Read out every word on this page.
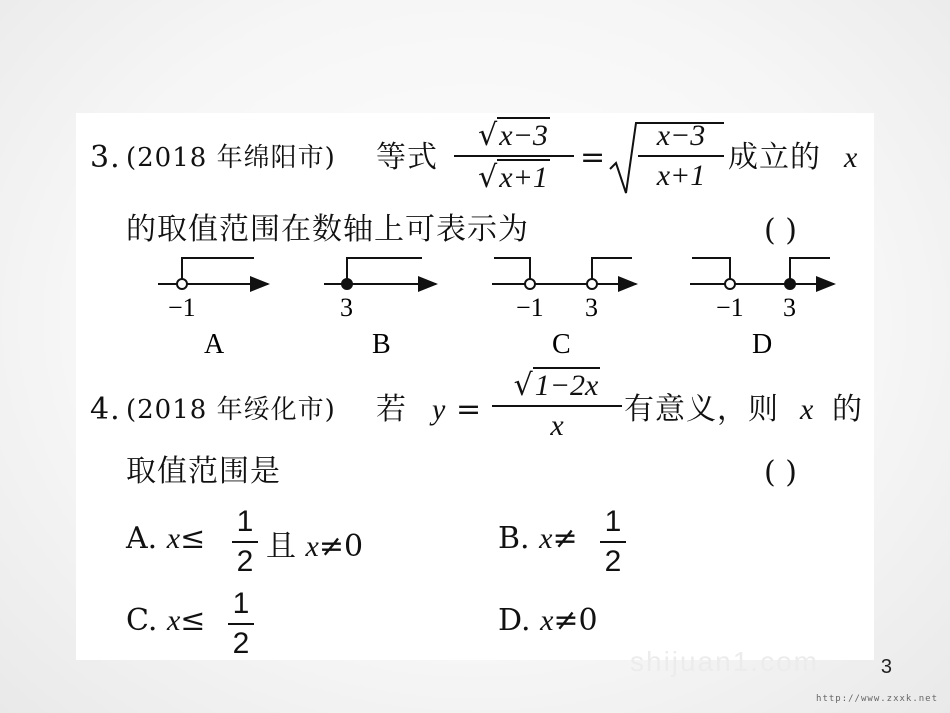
3. (2018 年绵阳市) 等式
√x−3
√x+1
=
x−3
x+1
成立的 x
的取值范围在数轴上可表示为	( )
−1
A
3
B
−1 3
C
−1 3
D
4. (2018 年绥化市) 若 y =
√1−2x
x	有意义，则 x 的
取值范围是	( )
A. x≤ 1
2 且 x≠0	B. x≠ 1
2
C. x≤ 1
2
D. x≠0
shijuan1.com	3
http://www.zxxk.net
